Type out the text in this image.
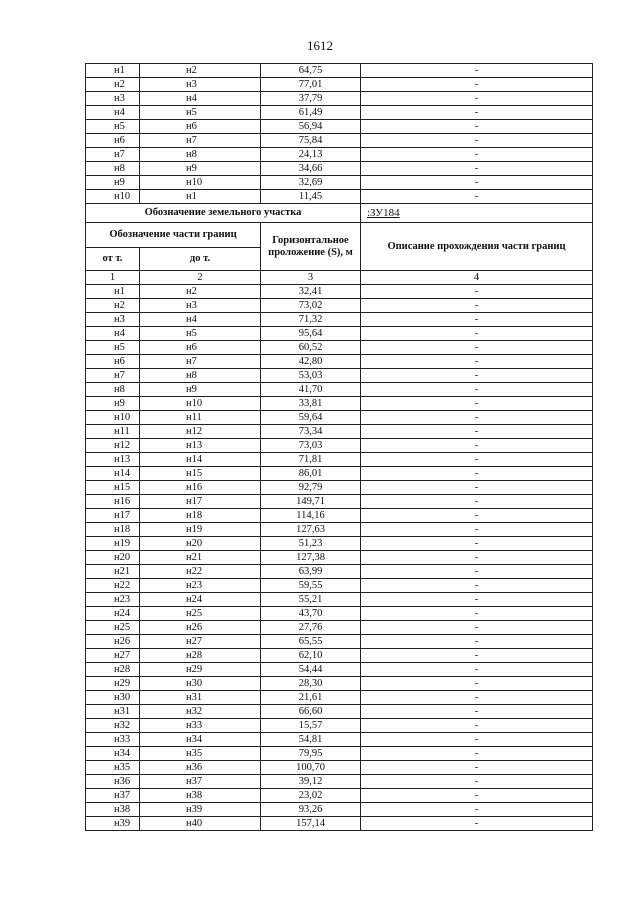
1612
н1	н2	64,75	-
н2	н3	77,01	-
н3	н4	37,79	-
н4	н5	61,49	-
н5	н6	56,94	-
н6	н7	75,84	-
н7	н8	24,13	-
н8	н9	34,66	-
н9	н10	32,69	-
н10	н1	11,45	-
Обозначение земельного участка			:ЗУ184
Обозначение части границ		Горизонтальное проложение (S), м	Описание прохождения части границ
от т.	до т.		
1	2	3	4
н1	н2	32,41	-
н2	н3	73,02	-
н3	н4	71,32	-
н4	н5	95,64	-
н5	н6	60,52	-
н6	н7	42,80	-
н7	н8	53,03	-
н8	н9	41,70	-
н9	н10	33,81	-
н10	н11	59,64	-
н11	н12	73,34	-
н12	н13	73,03	-
н13	н14	71,81	-
н14	н15	86,01	-
н15	н16	92,79	-
н16	н17	149,71	-
н17	н18	114,16	-
н18	н19	127,63	-
н19	н20	51,23	-
н20	н21	127,38	-
н21	н22	63,99	-
н22	н23	59,55	-
н23	н24	55,21	-
н24	н25	43,70	-
н25	н26	27,76	-
н26	н27	65,55	-
н27	н28	62,10	-
н28	н29	54,44	-
н29	н30	28,30	-
н30	н31	21,61	-
н31	н32	66,60	-
н32	н33	15,57	-
н33	н34	54,81	-
н34	н35	79,95	-
н35	н36	100,70	-
н36	н37	39,12	-
н37	н38	23,02	-
н38	н39	93,26	-
н39	н40	157,14	-
